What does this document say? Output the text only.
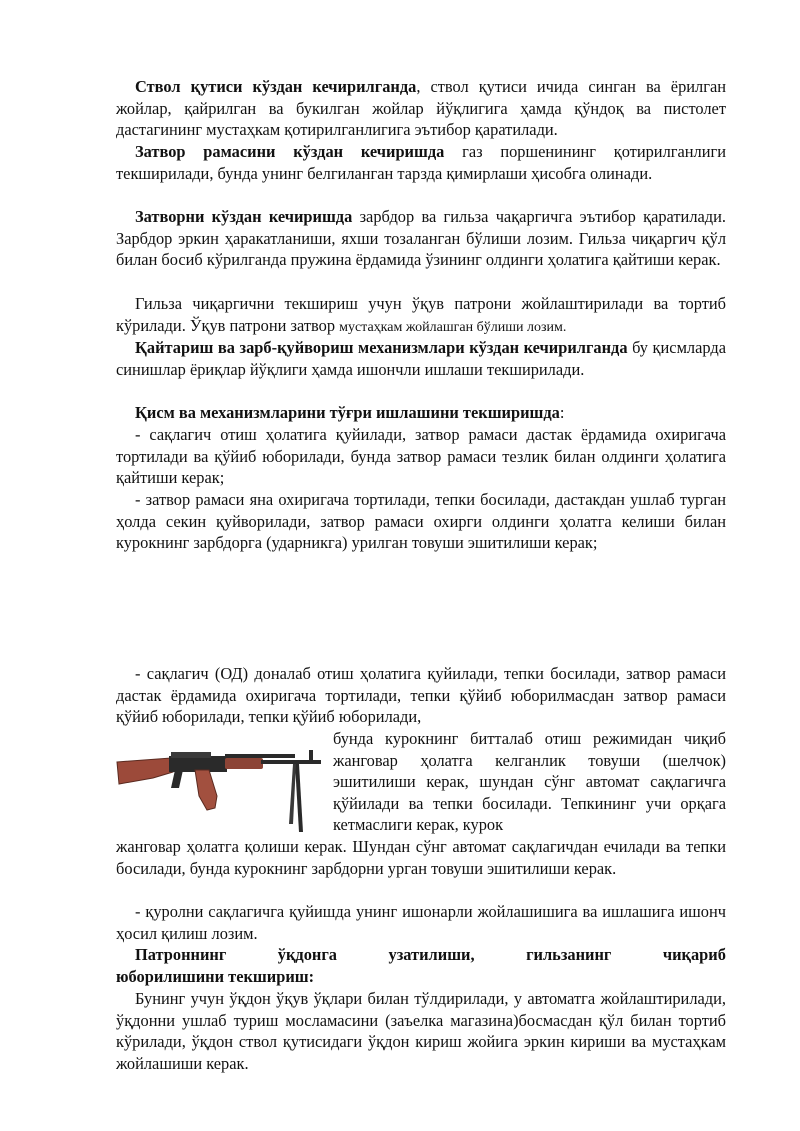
Ствол қутиси кўздан кечирилганда, ствол қутиси ичида синган ва ёрилган жойлар, қайрилган ва букилган жойлар йўқлигига ҳамда қўндоқ ва пистолет дастагининг мустаҳкам қотирилганлигига эътибор қаратилади.

Затвор рамасини кўздан кечиришда газ поршенининг қотирилганлиги текширилади, бунда унинг белгиланган тарзда қимирлаши ҳисобга олинади.

Затворни кўздан кечиришда зарбдор ва гильза чақаргичга эътибор қаратилади. Зарбдор эркин ҳаракатланиши, яхши тозаланган бўлиши лозим. Гильза чиқаргич қўл билан босиб кўрилганда пружина ёрдамида ўзининг олдинги ҳолатига қайтиши керак.

Гильза чиқаргични текшириш учун ўқув патрони жойлаштирилади ва тортиб кўрилади. Ўқув патрони затвор мустаҳкам жойлашган бўлиши лозим.

Қайтариш ва зарб-қуйвориш механизмлари кўздан кечирилганда бу қисмларда синишлар ёриқлар йўқлиги ҳамда ишончли ишлаши текширилади.

Қисм ва механизмларини тўғри ишлашини текширишда:

- сақлагич отиш ҳолатига қуйилади, затвор рамаси дастак ёрдамида охиригача тортилади ва қўйиб юборилади, бунда затвор рамаси тезлик билан олдинги ҳолатига қайтиши керак;

- затвор рамаси яна охиригача тортилади, тепки босилади, дастакдан ушлаб турган ҳолда секин қуйворилади, затвор рамаси охирги олдинги ҳолатга келиши билан курокнинг зарбдорга (ударникга) урилган товуши эшитилиши керак;

- сақлагич (ОД) доналаб отиш ҳолатига қуйилади, тепки босилади, затвор рамаси дастак ёрдамида охиригача тортилади, тепки қўйиб юборилмасдан затвор рамаси қўйиб юборилади, тепки қўйиб юборилади,

бунда курокнинг битталаб отиш режимидан чиқиб жанговар ҳолатга келганлик товуши (шелчок) эшитилиши керак, шундан сўнг автомат сақлагичга қўйилади ва тепки босилади. Тепкининг учи орқага кетмаслиги керак, курок

жанговар ҳолатга қолиши керак. Шундан сўнг автомат сақлагичдан ечилади ва тепки босилади, бунда курокнинг зарбдорни урган товуши эшитилиши керак.

- қуролни сақлагичга қуйишда унинг ишонарли жойлашишига ва ишлашига ишонч ҳосил қилиш лозим.

Патроннинг	ўқдонга	узатилиши,	гильзанинг	чиқариб

юборилишини текшириш:

Бунинг учун ўқдон ўқув ўқлари билан тўлдирилади, у автоматга жойлаштирилади, ўқдонни ушлаб туриш мосламасини (заъелка магазина)босмасдан қўл билан тортиб кўрилади, ўқдон ствол қутисидаги ўқдон кириш жойига эркин кириши ва мустаҳкам жойлашиши керак.
